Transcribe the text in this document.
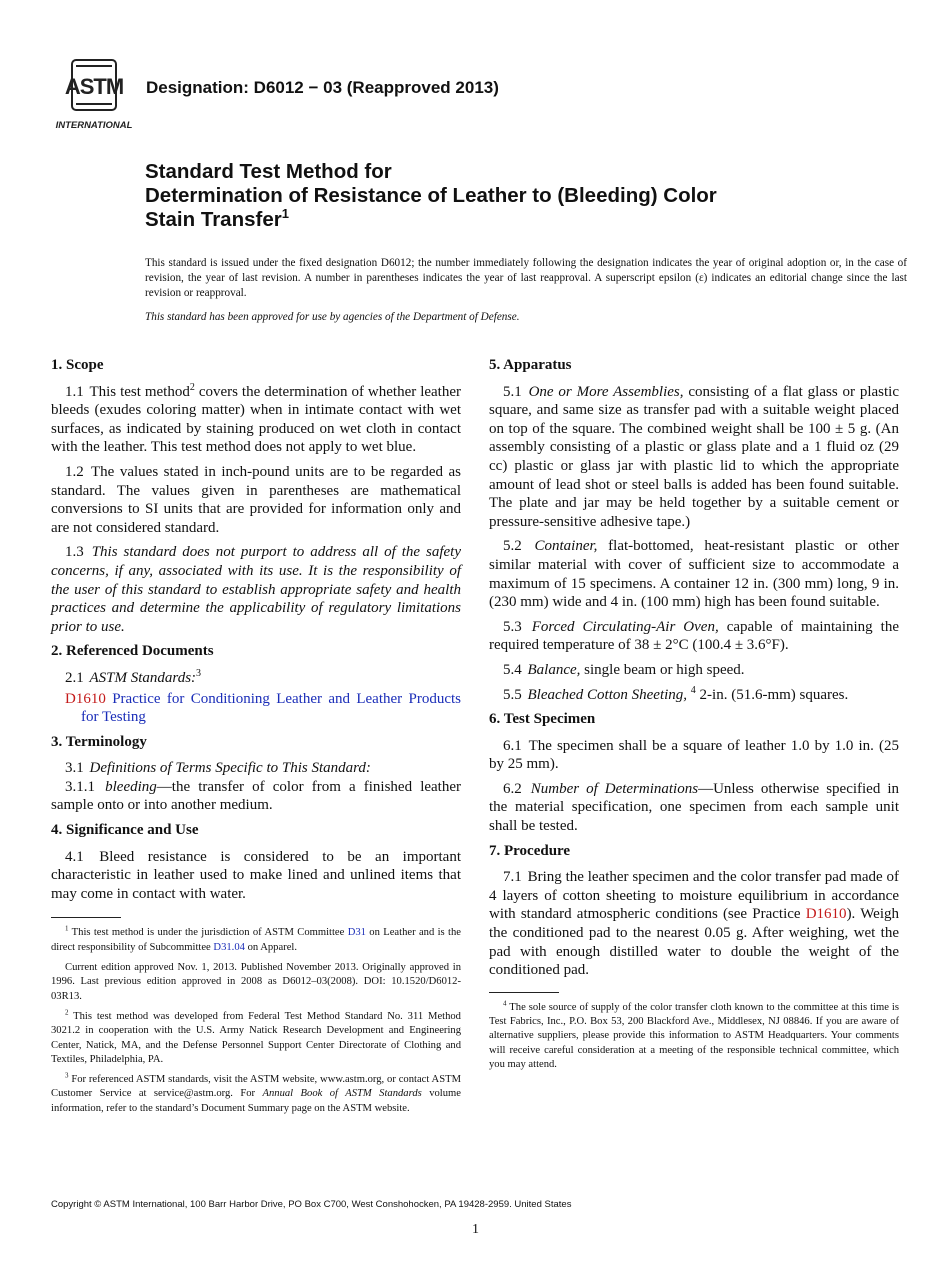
ASTM
INTERNATIONAL
Designation: D6012 − 03 (Reapproved 2013)
Standard Test Method for
Determination of Resistance of Leather to (Bleeding) Color
Stain Transfer$^1$
This standard is issued under the fixed designation D6012; the number immediately following the designation indicates the year of original adoption or, in the case of revision, the year of last revision. A number in parentheses indicates the year of last reapproval. A superscript epsilon (ε) indicates an editorial change since the last revision or reapproval.
This standard has been approved for use by agencies of the Department of Defense.
1. Scope

1.1 This test method$^2$ covers the determination of whether leather bleeds (exudes coloring matter) when in intimate contact with wet surfaces, as indicated by staining produced on wet cloth in contact with the leather. This test method does not apply to wet blue.

1.2 The values stated in inch-pound units are to be regarded as standard. The values given in parentheses are mathematical conversions to SI units that are provided for information only and are not considered standard.

1.3 This standard does not purport to address all of the safety concerns, if any, associated with its use. It is the responsibility of the user of this standard to establish appropriate safety and health practices and determine the applicability of regulatory limitations prior to use.

2. Referenced Documents

2.1 ASTM Standards:$^3$

D1610 Practice for Conditioning Leather and Leather Products for Testing

3. Terminology

3.1 Definitions of Terms Specific to This Standard:

3.1.1 bleeding—the transfer of color from a finished leather sample onto or into another medium.

4. Significance and Use

4.1 Bleed resistance is considered to be an important characteristic in leather used to make lined and unlined items that may come in contact with water.

$^1$ This test method is under the jurisdiction of ASTM Committee D31 on Leather and is the direct responsibility of Subcommittee D31.04 on Apparel.

Current edition approved Nov. 1, 2013. Published November 2013. Originally approved in 1996. Last previous edition approved in 2008 as D6012–03(2008). DOI: 10.1520/D6012-03R13.

$^2$ This test method was developed from Federal Test Method Standard No. 311 Method 3021.2 in cooperation with the U.S. Army Natick Research Development and Engineering Center, Natick, MA, and the Defense Personnel Support Center Directorate of Clothing and Textiles, Philadelphia, PA.

$^3$ For referenced ASTM standards, visit the ASTM website, www.astm.org, or contact ASTM Customer Service at service@astm.org. For Annual Book of ASTM Standards volume information, refer to the standard’s Document Summary page on the ASTM website.

5. Apparatus

5.1 One or More Assemblies, consisting of a flat glass or plastic square, and same size as transfer pad with a suitable weight placed on top of the square. The combined weight shall be 100 ± 5 g. (An assembly consisting of a plastic or glass plate and a 1 fluid oz (29 cc) plastic or glass jar with plastic lid to which the appropriate amount of lead shot or steel balls is added has been found suitable. The plate and jar may be held together by a suitable cement or pressure-sensitive adhesive tape.)

5.2 Container, flat-bottomed, heat-resistant plastic or other similar material with cover of sufficient size to accommodate a maximum of 15 specimens. A container 12 in. (300 mm) long, 9 in. (230 mm) wide and 4 in. (100 mm) high has been found suitable.

5.3 Forced Circulating-Air Oven, capable of maintaining the required temperature of 38 ± 2°C (100.4 ± 3.6°F).

5.4 Balance, single beam or high speed.

5.5 Bleached Cotton Sheeting, $^4$ 2-in. (51.6-mm) squares.

6. Test Specimen

6.1 The specimen shall be a square of leather 1.0 by 1.0 in. (25 by 25 mm).

6.2 Number of Determinations—Unless otherwise specified in the material specification, one specimen from each sample unit shall be tested.

7. Procedure

7.1 Bring the leather specimen and the color transfer pad made of 4 layers of cotton sheeting to moisture equilibrium in accordance with standard atmospheric conditions (see Practice D1610). Weigh the conditioned pad to the nearest 0.05 g. After weighing, wet the pad with enough distilled water to double the weight of the conditioned pad.

$^4$ The sole source of supply of the color transfer cloth known to the committee at this time is Test Fabrics, Inc., P.O. Box 53, 200 Blackford Ave., Middlesex, NJ 08846. If you are aware of alternative suppliers, please provide this information to ASTM Headquarters. Your comments will receive careful consideration at a meeting of the responsible technical committee, which you may attend.

Copyright © ASTM International, 100 Barr Harbor Drive, PO Box C700, West Conshohocken, PA 19428-2959. United States
1
